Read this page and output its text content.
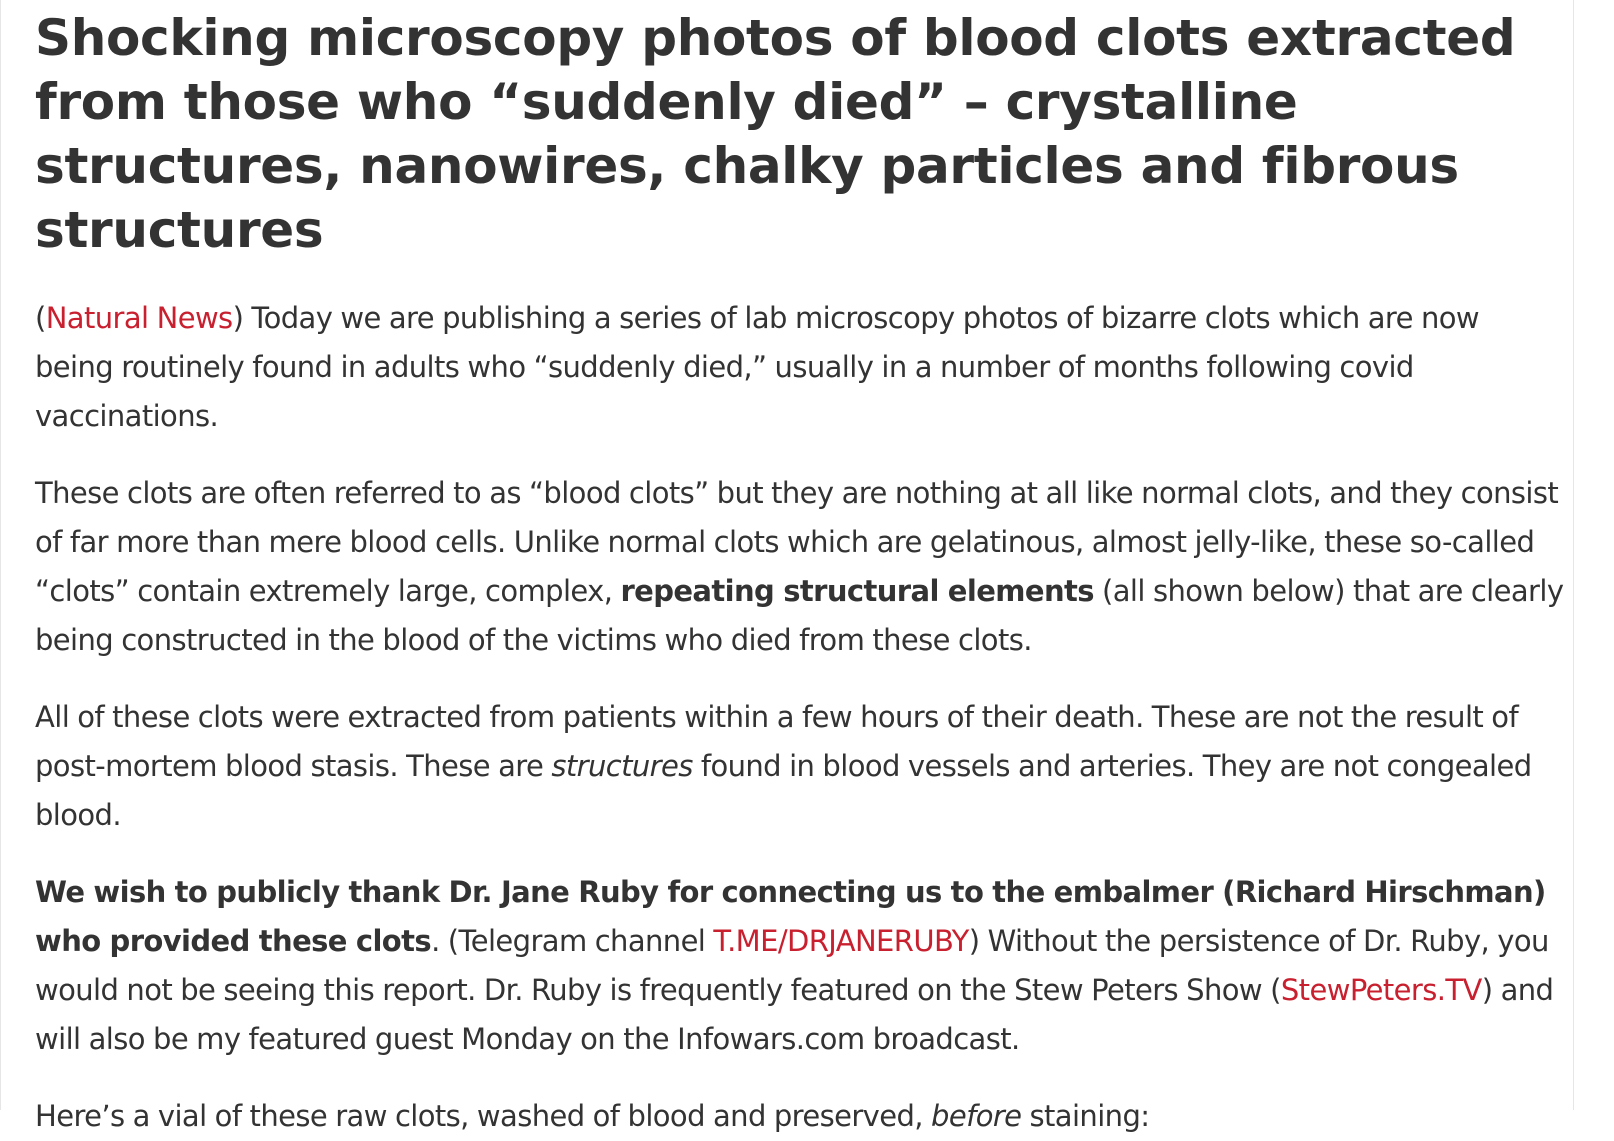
Shocking microscopy photos of blood clots extracted from those who “suddenly died” – crystalline structures, nanowires, chalky particles and fibrous structures

(Natural News) Today we are publishing a series of lab microscopy photos of bizarre clots which are now being routinely found in adults who “suddenly died,” usually in a number of months following covid vaccinations.

These clots are often referred to as “blood clots” but they are nothing at all like normal clots, and they consist of far more than mere blood cells. Unlike normal clots which are gelatinous, almost jelly-like, these so-called “clots” contain extremely large, complex, repeating structural elements (all shown below) that are clearly being constructed in the blood of the victims who died from these clots.

All of these clots were extracted from patients within a few hours of their death. These are not the result of post-mortem blood stasis. These are structures found in blood vessels and arteries. They are not congealed blood.

We wish to publicly thank Dr. Jane Ruby for connecting us to the embalmer (Richard Hirschman) who provided these clots. (Telegram channel T.ME/DRJANERUBY) Without the persistence of Dr. Ruby, you would not be seeing this report. Dr. Ruby is frequently featured on the Stew Peters Show (StewPeters.TV) and will also be my featured guest Monday on the Infowars.com broadcast.

Here’s a vial of these raw clots, washed of blood and preserved, before staining:
